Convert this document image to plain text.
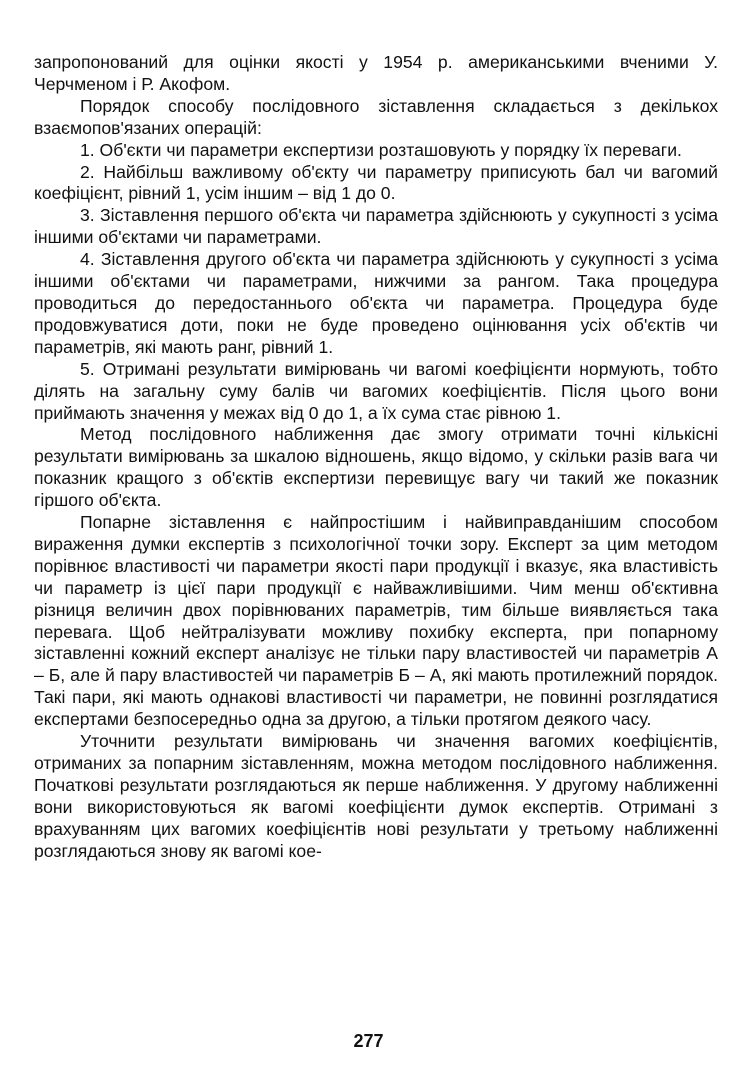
запропонований для оцінки якості у 1954 р. американськими вченими У. Черчменом і Р. Акофом.

Порядок способу послідовного зіставлення складається з декількох взаємопов'язаних операцій:

1. Об'єкти чи параметри експертизи розташовують у порядку їх переваги.

2. Найбільш важливому об'єкту чи параметру приписують бал чи вагомий коефіцієнт, рівний 1, усім іншим – від 1 до 0.

3. Зіставлення першого об'єкта чи параметра здійснюють у сукупності з усіма іншими об'єктами чи параметрами.

4. Зіставлення другого об'єкта чи параметра здійснюють у сукупності з усіма іншими об'єктами чи параметрами, нижчими за рангом. Така процедура проводиться до передостаннього об'єкта чи параметра. Процедура буде продовжуватися доти, поки не буде проведено оцінювання усіх об'єктів чи параметрів, які мають ранг, рівний 1.

5. Отримані результати вимірювань чи вагомі коефіцієнти нормують, тобто ділять на загальну суму балів чи вагомих коефіцієнтів. Після цього вони приймають значення у межах від 0 до 1, а їх сума стає рівною 1.

Метод послідовного наближення дає змогу отримати точні кількісні результати вимірювань за шкалою відношень, якщо відомо, у скільки разів вага чи показник кращого з об'єктів експертизи перевищує вагу чи такий же показник гіршого об'єкта.

Попарне зіставлення є найпростішим і найвиправданішим способом вираження думки експертів з психологічної точки зору. Експерт за цим методом порівнює властивості чи параметри якості пари продукції і вказує, яка властивість чи параметр із цієї пари продукції є найважливішими. Чим менш об'єктивна різниця величин двох порівнюваних параметрів, тим більше виявляється така перевага. Щоб нейтралізувати можливу похибку експерта, при попарному зіставленні кожний експерт аналізує не тільки пару властивостей чи параметрів А – Б, але й пару властивостей чи параметрів Б – А, які мають протилежний порядок. Такі пари, які мають однакові властивості чи параметри, не повинні розглядатися експертами безпосередньо одна за другою, а тільки протягом деякого часу.

Уточнити результати вимірювань чи значення вагомих коефіцієнтів, отриманих за попарним зіставленням, можна методом послідовного наближення. Початкові результати розглядаються як перше наближення. У другому наближенні вони використовуються як вагомі коефіцієнти думок експертів. Отримані з врахуванням цих вагомих коефіцієнтів нові результати у третьому наближенні розглядаються знову як вагомі кое-

277
